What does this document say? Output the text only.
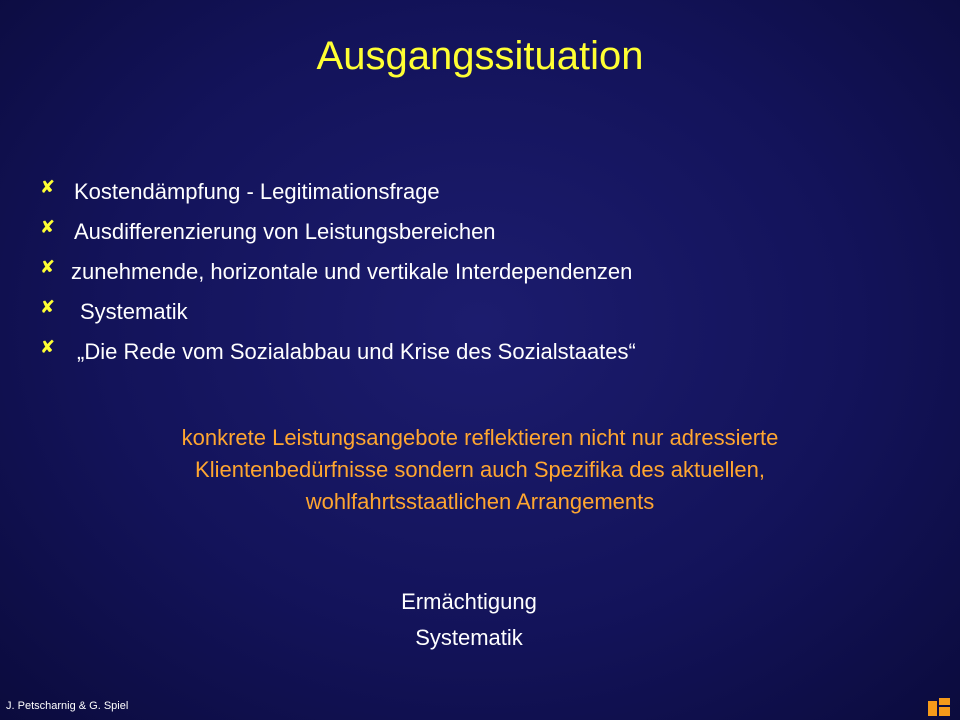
Ausgangssituation
✘ Kostendämpfung - Legitimationsfrage
✘ Ausdifferenzierung von Leistungsbereichen
✘ zunehmende, horizontale und vertikale Interdependenzen
✘ Systematik
✘ „Die Rede vom Sozialabbau und Krise des Sozialstaates“
konkrete Leistungsangebote reflektieren nicht nur adressierte
Klientenbedürfnisse sondern auch Spezifika des aktuellen,
wohlfahrtsstaatlichen Arrangements
Ermächtigung
Systematik
J. Petscharnig & G. Spiel
